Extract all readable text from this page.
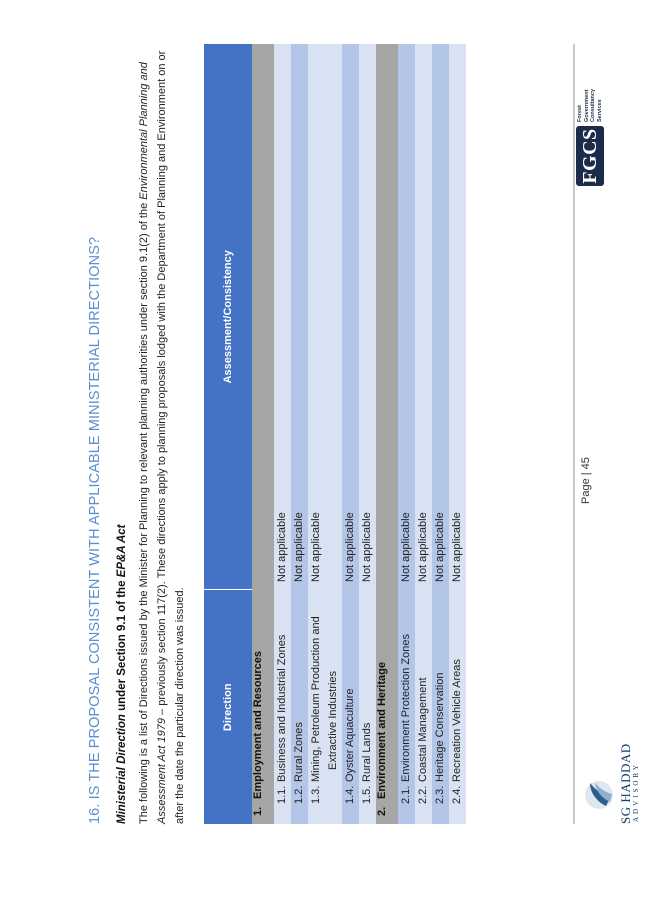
16. IS THE PROPOSAL CONSISTENT WITH APPLICABLE MINISTERIAL DIRECTIONS? Ministerial Direction under Section 9.1 of the EP&A Act The following is a list of Directions issued by the Minister for Planning to relevant planning authorities under section 9.1(2) of the Environmental Planning and Assessment Act 1979 – previously section 117(2). These directions apply to planning proposals lodged with the Department of Planning and Environment on or after the date the particular direction was issued.	Direction	Assessment/Consistency
1. Employment and Resources	

1.1.Business and Industrial Zones	Not applicable

1.2.Rural Zones	Not applicable

1.3.Mining, Petroleum Production and Extractive Industries	Not applicable

1.4.Oyster Aquaculture	Not applicable

1.5.Rural Lands	Not applicable
2. Environment and Heritage	

2.1.Environment Protection Zones	Not applicable

2.2.Coastal Management	Not applicable

2.3.Heritage Conservation	Not applicable

2.4.Recreation Vehicle Areas	Not applicable
SG HADDAD ADVISORY
Page | 45
FGCS
Forest Government Consultancy Services
